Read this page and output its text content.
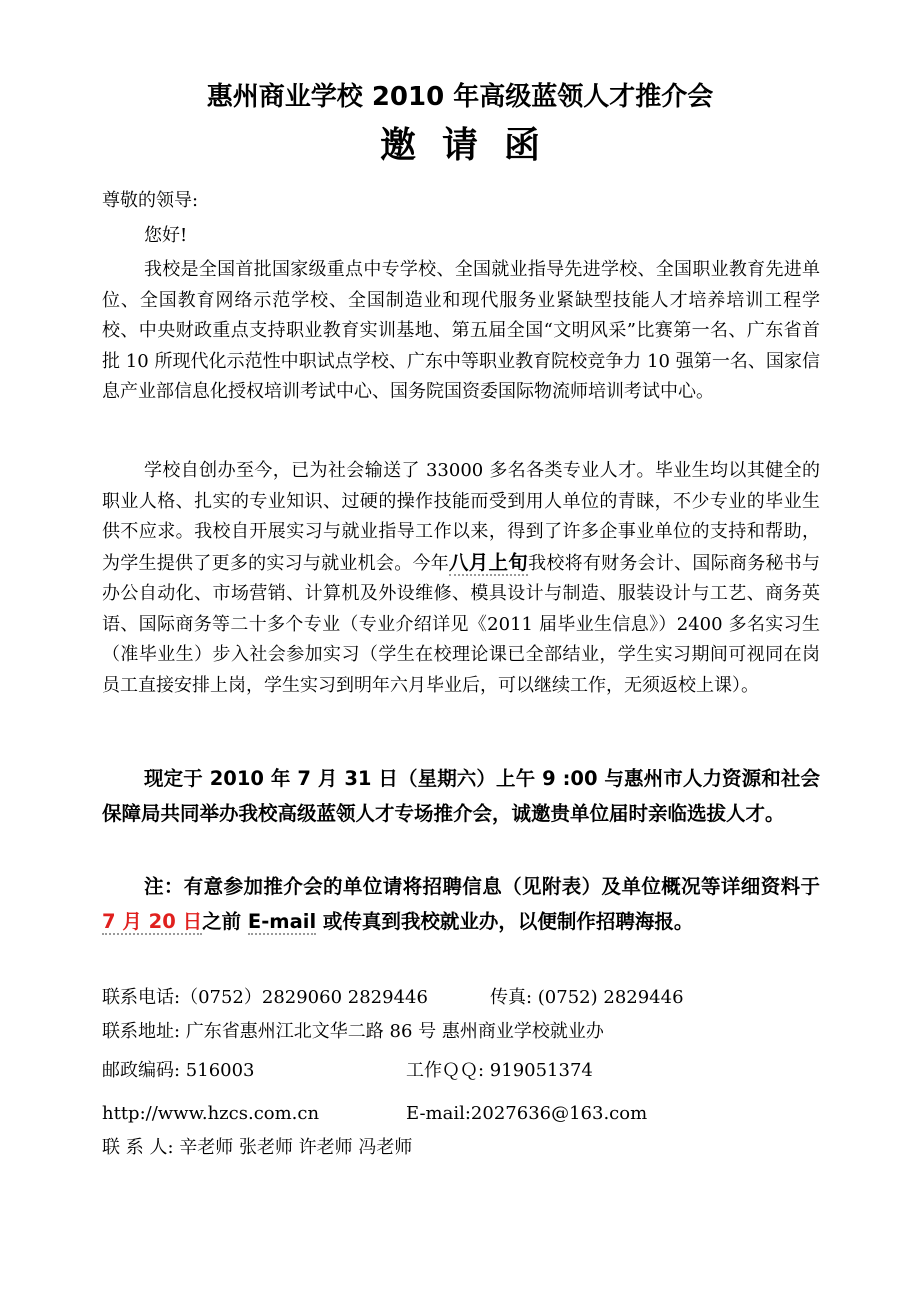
惠州商业学校 2010 年高级蓝领人才推介会
邀请函
尊敬的领导:
您好!
我校是全国首批国家级重点中专学校、全国就业指导先进学校、全国职业教育先进单位、全国教育网络示范学校、全国制造业和现代服务业紧缺型技能人才培养培训工程学校、中央财政重点支持职业教育实训基地、第五届全国“文明风采”比赛第一名、广东省首批 10 所现代化示范性中职试点学校、广东中等职业教育院校竞争力 10 强第一名、国家信息产业部信息化授权培训考试中心、国务院国资委国际物流师培训考试中心。
学校自创办至今，已为社会输送了 33000 多名各类专业人才。毕业生均以其健全的职业人格、扎实的专业知识、过硬的操作技能而受到用人单位的青睐，不少专业的毕业生供不应求。我校自开展实习与就业指导工作以来，得到了许多企事业单位的支持和帮助，为学生提供了更多的实习与就业机会。今年八月上旬我校将有财务会计、国际商务秘书与办公自动化、市场营销、计算机及外设维修、模具设计与制造、服装设计与工艺、商务英语、国际商务等二十多个专业（专业介绍详见《2011 届毕业生信息》）2400 多名实习生（准毕业生）步入社会参加实习（学生在校理论课已全部结业，学生实习期间可视同在岗员工直接安排上岗，学生实习到明年六月毕业后，可以继续工作，无须返校上课）。
现定于 2010 年 7 月 31 日（星期六）上午 9 :00 与惠州市人力资源和社会保障局共同举办我校高级蓝领人才专场推介会，诚邀贵单位届时亲临选拔人才。
注：有意参加推介会的单位请将招聘信息（见附表）及单位概况等详细资料于 7 月 20 日之前 E-mail 或传真到我校就业办，以便制作招聘海报。
联系电话:（0752）2829060 2829446	传真: (0752) 2829446
联系地址: 广东省惠州江北文华二路 86 号 惠州商业学校就业办
邮政编码: 516003	工作ＱＱ: 919051374
http://www.hzcs.com.cn	E-mail:2027636@163.com
联 系 人: 辛老师 张老师 许老师 冯老师
